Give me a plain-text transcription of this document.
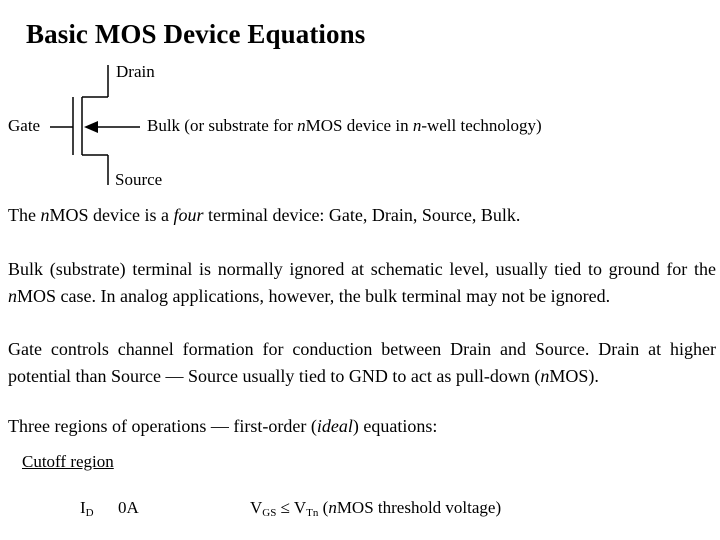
Basic MOS Device Equations
Drain
Gate
Source
Bulk (or substrate for nMOS device in n-well technology)
The nMOS device is a four terminal device: Gate, Drain, Source, Bulk.
Bulk (substrate) terminal is normally ignored at schematic level, usually tied to ground for the nMOS case. In analog applications, however, the bulk terminal may not be ignored.
Gate controls channel formation for conduction between Drain and Source. Drain at higher potential than Source — Source usually tied to GND to act as pull-down (nMOS).
Three regions of operations — first-order (ideal) equations:
Cutoff region
$I_D$ 0A	$V_{GS} \le V_{Tn}$ (nMOS threshold voltage)
